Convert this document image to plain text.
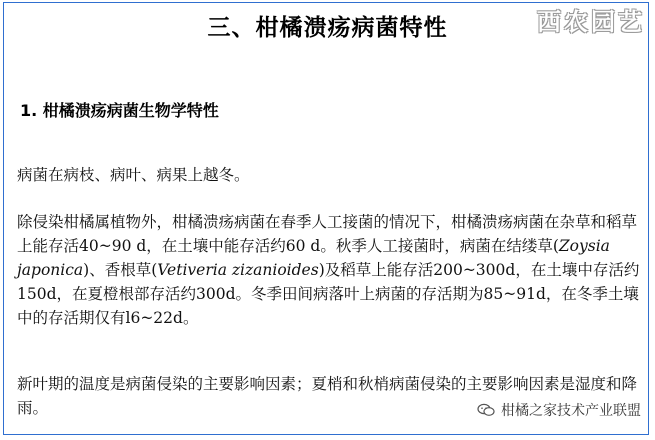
三、柑橘溃疡病菌特性	西农园艺
1. 柑橘溃疡病菌生物学特性

病菌在病枝、病叶、病果上越冬。

除侵染柑橘属植物外，柑橘溃疡病菌在春季人工接菌的情况下，柑橘溃疡病菌在杂草和稻草上能存活40~90 d，在土壤中能存活约60 d。秋季人工接菌时，病菌在结缕草(Zoysia japonica)、香根草(Vetiveria zizanioides)及稻草上能存活200~300d，在土壤中存活约150d，在夏橙根部存活约300d。冬季田间病落叶上病菌的存活期为85~91d，在冬季土壤中的存活期仅有l6~22d。

新叶期的温度是病菌侵染的主要影响因素；夏梢和秋梢病菌侵染的主要影响因素是湿度和降雨。	柑橘之家技术产业联盟
